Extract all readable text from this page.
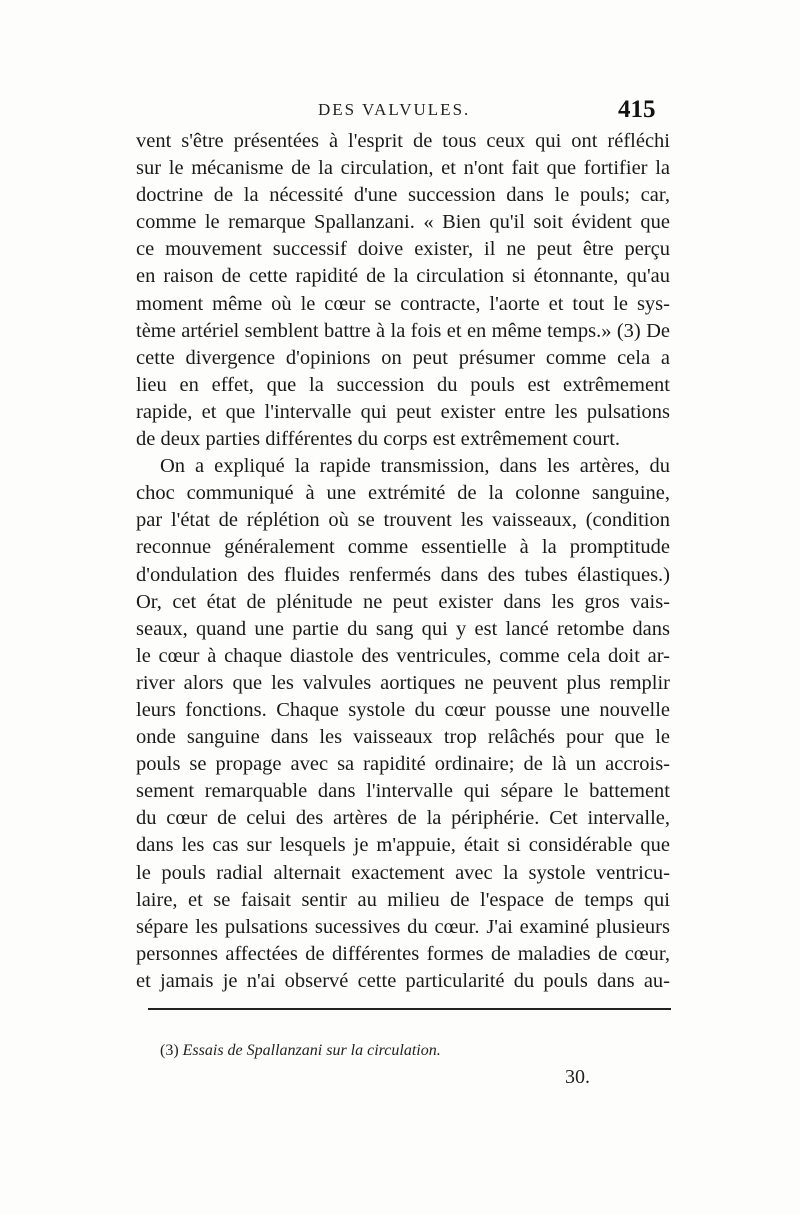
DES VALVULES.	415
vent s'être présentées à l'esprit de tous ceux qui ont réfléchi
sur le mécanisme de la circulation, et n'ont fait que fortifier la
doctrine de la nécessité d'une succession dans le pouls; car,
comme le remarque Spallanzani. « Bien qu'il soit évident que
ce mouvement successif doive exister, il ne peut être perçu
en raison de cette rapidité de la circulation si étonnante, qu'au
moment même où le cœur se contracte, l'aorte et tout le sys-
tème artériel semblent battre à la fois et en même temps.» (3) De
cette divergence d'opinions on peut présumer comme cela a
lieu en effet, que la succession du pouls est extrêmement
rapide, et que l'intervalle qui peut exister entre les pulsations
de deux parties différentes du corps est extrêmement court.
On a expliqué la rapide transmission, dans les artères, du
choc communiqué à une extrémité de la colonne sanguine,
par l'état de réplétion où se trouvent les vaisseaux, (condition
reconnue généralement comme essentielle à la promptitude
d'ondulation des fluides renfermés dans des tubes élastiques.)
Or, cet état de plénitude ne peut exister dans les gros vais-
seaux, quand une partie du sang qui y est lancé retombe dans
le cœur à chaque diastole des ventricules, comme cela doit ar-
river alors que les valvules aortiques ne peuvent plus remplir
leurs fonctions. Chaque systole du cœur pousse une nouvelle
onde sanguine dans les vaisseaux trop relâchés pour que le
pouls se propage avec sa rapidité ordinaire; de là un accrois-
sement remarquable dans l'intervalle qui sépare le battement
du cœur de celui des artères de la périphérie. Cet intervalle,
dans les cas sur lesquels je m'appuie, était si considérable que
le pouls radial alternait exactement avec la systole ventricu-
laire, et se faisait sentir au milieu de l'espace de temps qui
sépare les pulsations sucessives du cœur. J'ai examiné plusieurs
personnes affectées de différentes formes de maladies de cœur,
et jamais je n'ai observé cette particularité du pouls dans au-
(3) Essais de Spallanzani sur la circulation.
30.
